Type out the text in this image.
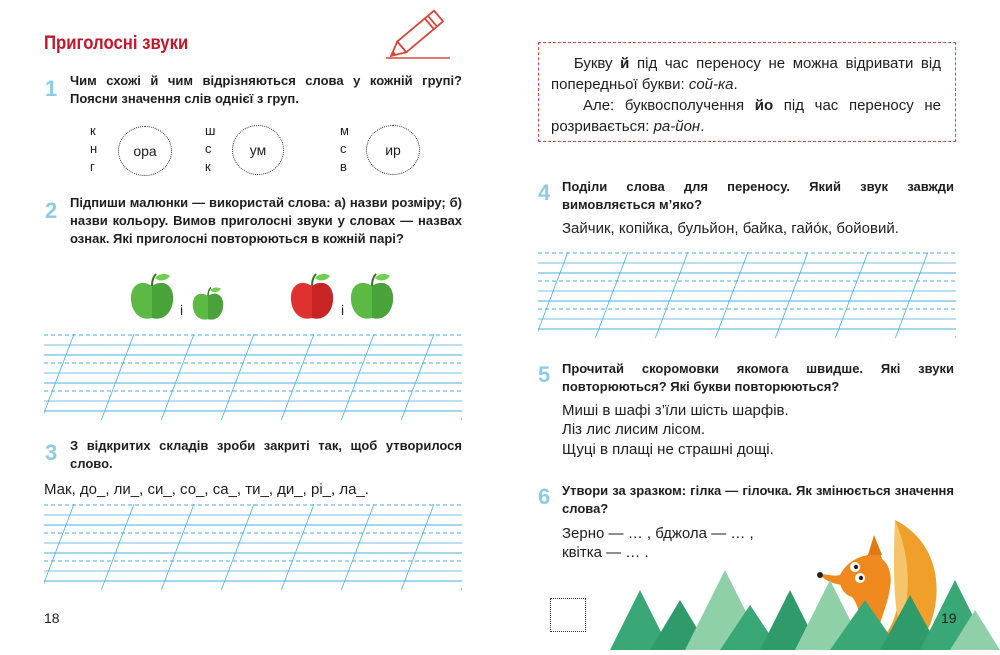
Приголосні звуки
1 Чим схожі й чим відрізняються слова у кожній групі? Поясни значення слів однієї з груп.
к
н
г
ора
ш
с
к
ум
м
с
в
ир
2 Підпиши малюнки — використай слова: а) назви розміру; б) назви кольору. Вимов приголосні звуки у словах — назвах ознак. Які приголосні повторюються в кожній парі?
і	і
3 З відкритих складів зроби закриті так, щоб утворилося слово.
Мак, до_, ли_, си_, со_, са_, ти_, ди_, рі_, ла_.
18

Букву й під час переносу не можна відривати від попередньої букви: сой-ка.

Але: буквосполучення йо під час переносу не розривається: ра-йон.

4 Поділи слова для переносу. Який звук завжди вимовляється м’яко?
Зайчик, копійка, бульйон, байка, гайо́к, бойовий.
5 Прочитай скоромовки якомога швидше. Які звуки повторюються? Які букви повторюються?
Миші в шафі з’їли шість шарфів.
Ліз лис лисим лісом.
Щуці в плащі не страшні дощі.
6 Утвори за зразком: гілка — гілочка. Як змінюється значення слова?
Зерно — … , бджола — … ,
квітка — … .
19
